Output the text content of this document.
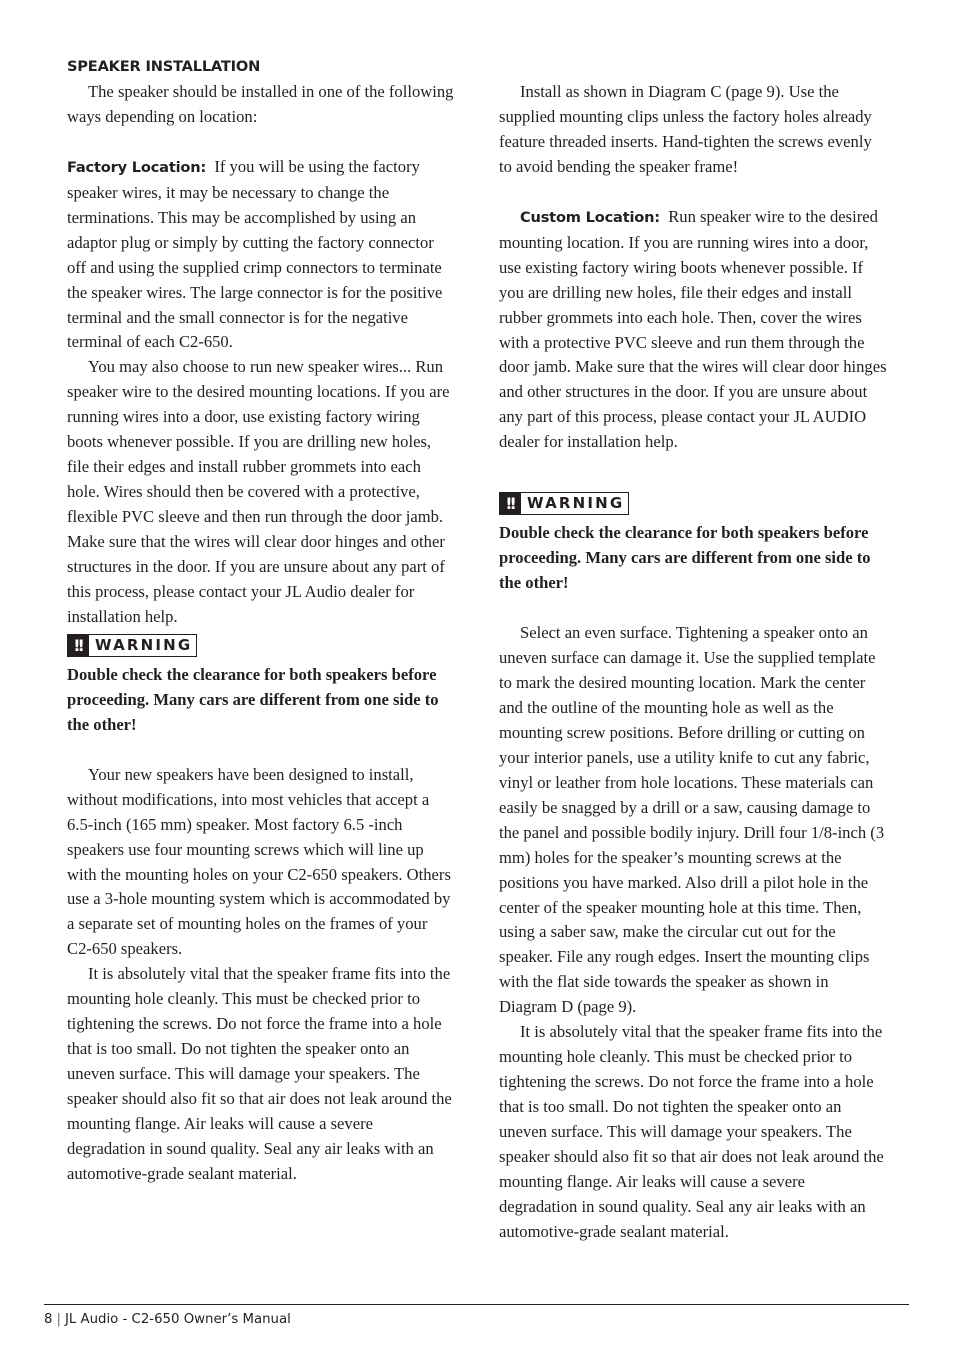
SPEAKER INSTALLATION

The speaker should be installed in one of the following ways depending on location:

Factory Location: If you will be using the factory speaker wires, it may be necessary to change the terminations. This may be accomplished by using an adaptor plug or simply by cutting the factory connector off and using the supplied crimp connectors to terminate the speaker wires. The large connector is for the positive terminal and the small connector is for the negative terminal of each C2-650.

You may also choose to run new speaker wires... Run speaker wire to the desired mounting locations. If you are running wires into a door, use existing factory wiring boots whenever possible. If you are drilling new holes, file their edges and install rubber grommets into each hole. Wires should then be covered with a protective, flexible PVC sleeve and then run through the door jamb. Make sure that the wires will clear door hinges and other structures in the door. If you are unsure about any part of this process, please contact your JL Audio dealer for installation help.

!! WARNING

Double check the clearance for both speakers before proceeding. Many cars are different from one side to the other!

Your new speakers have been designed to install, without modifications, into most vehicles that accept a 6.5-inch (165 mm) speaker. Most factory 6.5 -inch speakers use four mounting screws which will line up with the mounting holes on your C2-650 speakers. Others use a 3-hole mounting system which is accommodated by a separate set of mounting holes on the frames of your C2-650 speakers.

It is absolutely vital that the speaker frame fits into the mounting hole cleanly. This must be checked prior to tightening the screws. Do not force the frame into a hole that is too small. Do not tighten the speaker onto an uneven surface. This will damage your speakers. The speaker should also fit so that air does not leak around the mounting flange. Air leaks will cause a severe degradation in sound quality. Seal any air leaks with an automotive-grade sealant material.

Install as shown in Diagram C (page 9). Use the supplied mounting clips unless the factory holes already feature threaded inserts. Hand-tighten the screws evenly to avoid bending the speaker frame!

Custom Location: Run speaker wire to the desired mounting location. If you are running wires into a door, use existing factory wiring boots whenever possible. If you are drilling new holes, file their edges and install rubber grommets into each hole. Then, cover the wires with a protective PVC sleeve and run them through the door jamb. Make sure that the wires will clear door hinges and other structures in the door. If you are unsure about any part of this process, please contact your JL AUDIO dealer for installation help.

!! WARNING

Double check the clearance for both speakers before proceeding. Many cars are different from one side to the other!

Select an even surface. Tightening a speaker onto an uneven surface can damage it. Use the supplied template to mark the desired mounting location. Mark the center and the outline of the mounting hole as well as the mounting screw positions. Before drilling or cutting on your interior panels, use a utility knife to cut any fabric, vinyl or leather from hole locations. These materials can easily be snagged by a drill or a saw, causing damage to the panel and possible bodily injury. Drill four 1/8-inch (3 mm) holes for the speaker’s mounting screws at the positions you have marked. Also drill a pilot hole in the center of the speaker mounting hole at this time. Then, using a saber saw, make the circular cut out for the speaker. File any rough edges. Insert the mounting clips with the flat side towards the speaker as shown in Diagram D (page 9).

It is absolutely vital that the speaker frame fits into the mounting hole cleanly. This must be checked prior to tightening the screws. Do not force the frame into a hole that is too small. Do not tighten the speaker onto an uneven surface. This will damage your speakers. The speaker should also fit so that air does not leak around the mounting flange. Air leaks will cause a severe degradation in sound quality. Seal any air leaks with an automotive-grade sealant material.

8 | JL Audio - C2-650 Owner’s Manual
